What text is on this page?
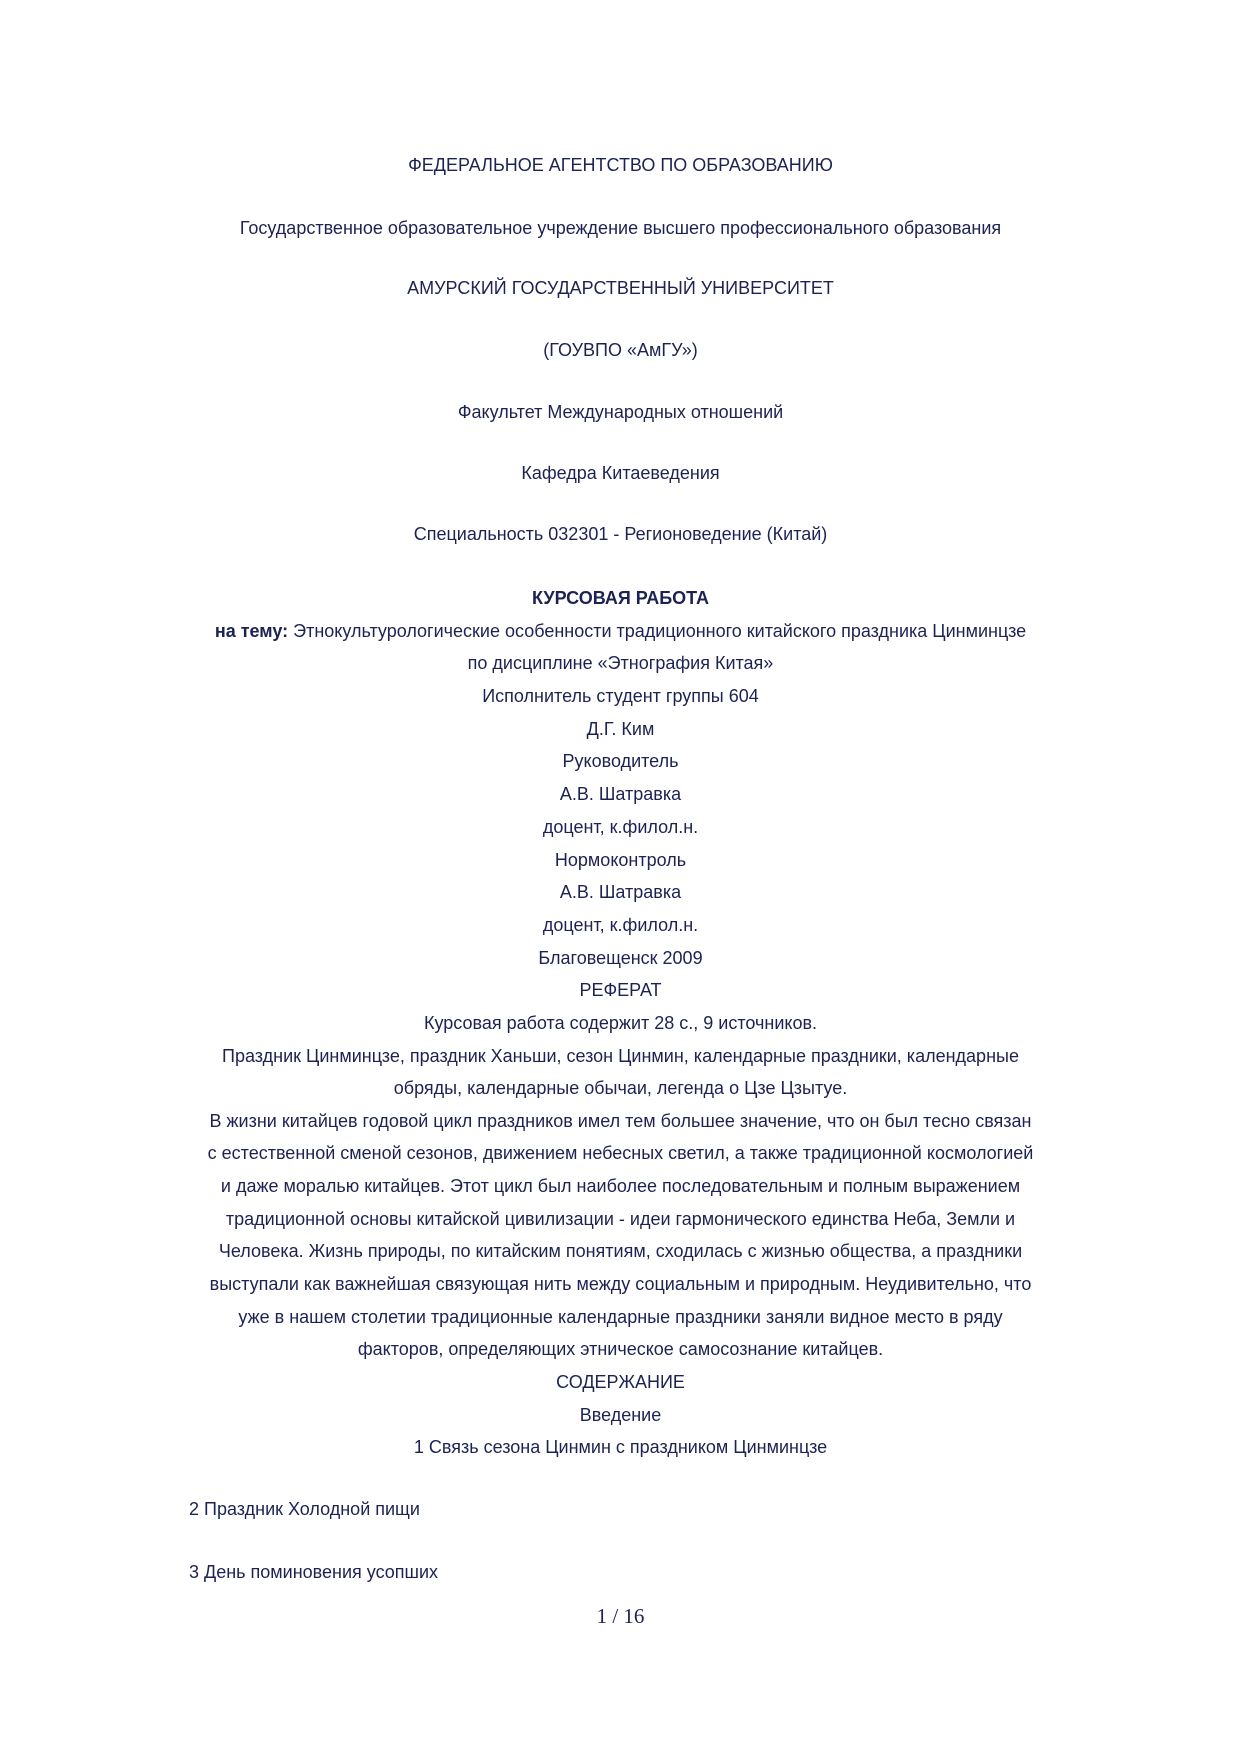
ФЕДЕРАЛЬНОЕ АГЕНТСТВО ПО ОБРАЗОВАНИЮ
Государственное образовательное учреждение высшего профессионального образования
АМУРСКИЙ ГОСУДАРСТВЕННЫЙ УНИВЕРСИТЕТ
(ГОУВПО «АмГУ»)
Факультет Международных отношений
Кафедра Китаеведения
Специальность 032301 - Регионоведение (Китай)
КУРСОВАЯ РАБОТА
на тему: Этнокультурологические особенности традиционного китайского праздника Цинминцзе
по дисциплине «Этнография Китая»
Исполнитель студент группы 604
Д.Г. Ким
Руководитель
А.В. Шатравка
доцент, к.филол.н.
Нормоконтроль
А.В. Шатравка
доцент, к.филол.н.
Благовещенск 2009
РЕФЕРАТ
Курсовая работа содержит 28 с., 9 источников.
Праздник Цинминцзе, праздник Ханьши, сезон Цинмин, календарные праздники, календарные
обряды, календарные обычаи, легенда о Цзе Цзытуе.
В жизни китайцев годовой цикл праздников имел тем большее значение, что он был тесно связан
с естественной сменой сезонов, движением небесных светил, а также традиционной космологией
и даже моралью китайцев. Этот цикл был наиболее последовательным и полным выражением
традиционной основы китайской цивилизации - идеи гармонического единства Неба, Земли и
Человека. Жизнь природы, по китайским понятиям, сходилась с жизнью общества, а праздники
выступали как важнейшая связующая нить между социальным и природным. Неудивительно, что
уже в нашем столетии традиционные календарные праздники заняли видное место в ряду
факторов, определяющих этническое самосознание китайцев.
СОДЕРЖАНИЕ
Введение
1 Связь сезона Цинмин с праздником Цинминцзе
2 Праздник Холодной пищи
3 День поминовения усопших
1 / 16
